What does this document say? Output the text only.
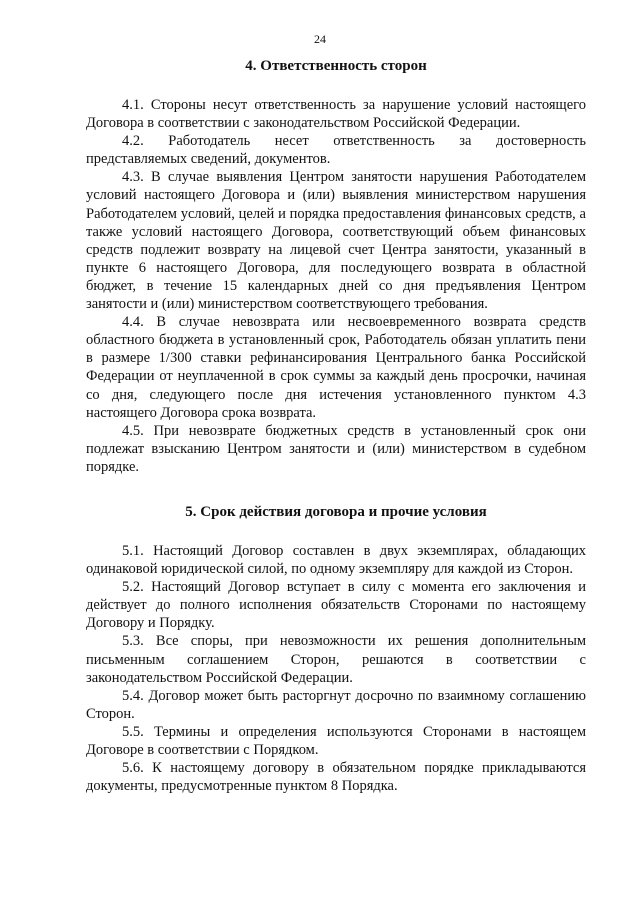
24
4. Ответственность сторон

4.1. Стороны несут ответственность за нарушение условий настоящего Договора в соответствии с законодательством Российской Федерации.

4.2. Работодатель несет ответственность за достоверность представляемых сведений, документов.

4.3. В случае выявления Центром занятости нарушения Работодателем условий настоящего Договора и (или) выявления министерством нарушения Работодателем условий, целей и порядка предоставления финансовых средств, а также условий настоящего Договора, соответствующий объем финансовых средств подлежит возврату на лицевой счет Центра занятости, указанный в пункте 6 настоящего Договора, для последующего возврата в областной бюджет, в течение 15 календарных дней со дня предъявления Центром занятости и (или) министерством соответствующего требования.

4.4. В случае невозврата или несвоевременного возврата средств областного бюджета в установленный срок, Работодатель обязан уплатить пени в размере 1/300 ставки рефинансирования Центрального банка Российской Федерации от неуплаченной в срок суммы за каждый день просрочки, начиная со дня, следующего после дня истечения установленного пунктом 4.3 настоящего Договора срока возврата.

4.5. При невозврате бюджетных средств в установленный срок они подлежат взысканию Центром занятости и (или) министерством в судебном порядке.

5. Срок действия договора и прочие условия

5.1. Настоящий Договор составлен в двух экземплярах, обладающих одинаковой юридической силой, по одному экземпляру для каждой из Сторон.

5.2. Настоящий Договор вступает в силу с момента его заключения и действует до полного исполнения обязательств Сторонами по настоящему Договору и Порядку.

5.3. Все споры, при невозможности их решения дополнительным письменным соглашением Сторон, решаются в соответствии с законодательством Российской Федерации.

5.4. Договор может быть расторгнут досрочно по взаимному соглашению Сторон.

5.5. Термины и определения используются Сторонами в настоящем Договоре в соответствии с Порядком.

5.6. К настоящему договору в обязательном порядке прикладываются документы, предусмотренные пунктом 8 Порядка.
